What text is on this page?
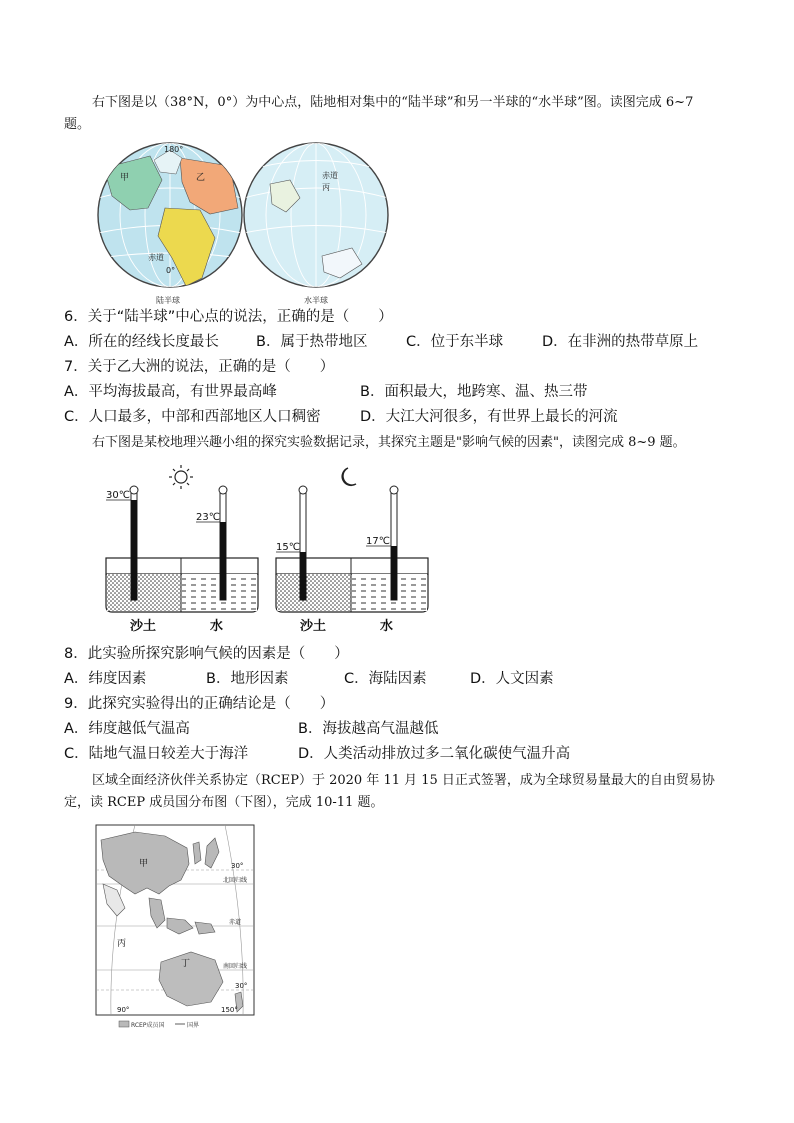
右下图是以（38°N，0°）为中心点，陆地相对集中的“陆半球”和另一半球的“水半球”图。读图完成 6~7

题。

180°
甲	乙
赤道
0°
陆半球
赤道
丙
水半球

6．关于“陆半球”中心点的说法，正确的是（　　）

A．所在的经线长度最长	B．属于热带地区	C．位于东半球	D．在非洲的热带草原上

7．关于乙大洲的说法，正确的是（　　）

A．平均海拔最高，有世界最高峰	B．面积最大，地跨寒、温、热三带
C．人口最多，中部和西部地区人口稠密	D．大江大河很多，有世界上最长的河流

右下图是某校地理兴趣小组的探究实验数据记录，其探究主题是"影响气候的因素"，读图完成 8~9 题。

30℃
23℃
沙土	水
15℃
17℃
沙土	水

8．此实验所探究影响气候的因素是（　　）

A．纬度因素	B．地形因素	C．海陆因素	D．人文因素

9．此探究实验得出的正确结论是（　　）

A．纬度越低气温高	B．海拔越高气温越低
C．陆地气温日较差大于海洋	D．人类活动排放过多二氧化碳使气温升高

区域全面经济伙伴关系协定（RCEP）于 2020 年 11 月 15 日正式签署，成为全球贸易量最大的自由贸易协

定，读 RCEP 成员国分布图（下图），完成 10-11 题。

甲
丙
丁
30°
北回归线
赤道
南回归线
30°
90°	150°
RCEP成员国	国界
